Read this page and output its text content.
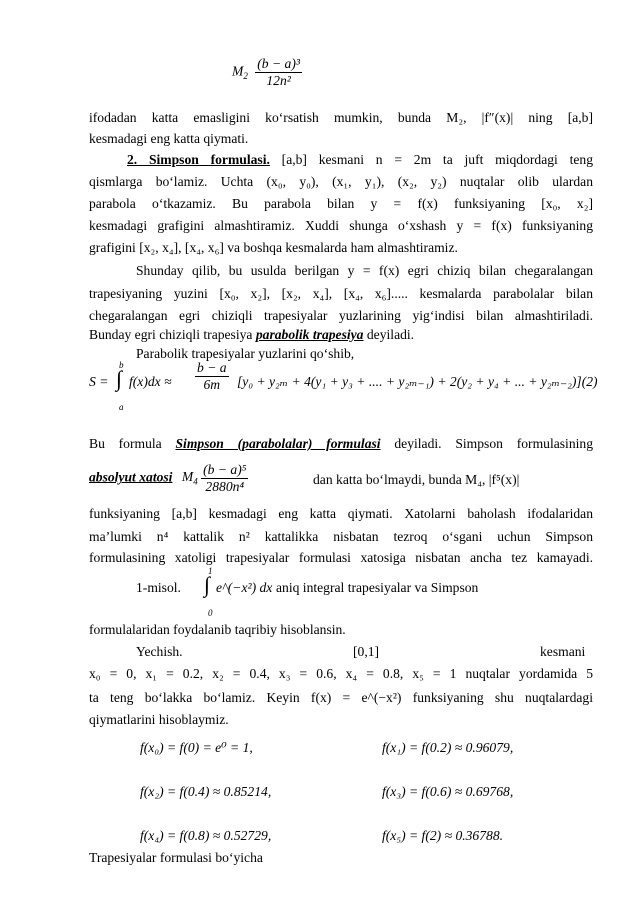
$M_2 \frac{\text{(b − a)³}}{\text{12n²}}$
ifodadan katta emasligini ko‘rsatish mumkin, bunda M₂, |f″(x)| ning [a,b]
kesmadagi eng katta qiymati.
2. Simpson formulasi. [a,b] kesmani n = 2m ta juft miqdordagi teng
qismlarga bo‘lamiz. Uchta (x₀, y₀), (x₁, y₁), (x₂, y₂) nuqtalar olib ulardan
parabola o‘tkazamiz. Bu parabola bilan y = f(x) funksiyaning [x₀, x₂]
kesmadagi grafigini almashtiramiz. Xuddi shunga o‘xshash y = f(x) funksiyaning
grafigini [x₂, x₄], [x₄, x₆] va boshqa kesmalarda ham almashtiramiz.
Shunday qilib, bu usulda berilgan y = f(x) egri chiziq bilan chegaralangan
trapesiyaning yuzini [x₀, x₂], [x₂, x₄], [x₄, x₆]..... kesmalarda parabolalar bilan
chegaralangan egri chiziqli trapesiyalar yuzlarining yig‘indisi bilan almashtiriladi.
Bunday egri chiziqli trapesiya parabolik trapesiya deyiladi.
Parabolik trapesiyalar yuzlarini qo‘shib,
b
a
S = ∫ $f(x)dx \approx \frac{b - a}{6m} [y_0 + y_{2m} + 4(y_1 + y_3$ + .... + y₂ₘ₋₁) + 2(y₂ + y₄ + ... + y₂ₘ₋₂)](2)
Bu formula Simpson (parabolalar) formulasi deyiladi. Simpson formulasining
absolyut xatosi $M_4 \frac{\text{(b − a)⁵}}{\text{2880n⁴}}$	dan katta bo‘lmaydi, bunda M₄, |f⁵(x)|
funksiyaning [a,b] kesmadagi eng katta qiymati. Xatolarni baholash ifodalaridan
ma’lumki n⁴ kattalik n² kattalikka nisbatan tezroq o‘sgani uchun Simpson
formulasining xatoligi trapesiyalar formulasi xatosiga nisbatan ancha tez kamayadi.
1-misol.
1
∫
0
e^(−x²) dx aniq integral trapesiyalar va Simpson
formulalaridan foydalanib taqribiy hisoblansin.
Yechish.	[0,1]	kesmani
x₀ = 0, x₁ = 0.2, x₂ = 0.4, x₃ = 0.6, x₄ = 0.8, x₅ = 1 nuqtalar yordamida 5
ta teng bo‘lakka bo‘lamiz. Keyin f(x) = e^(−x²) funksiyaning shu nuqtalardagi
qiymatlarini hisoblaymiz.
f(x₀) = f(0) = e⁰ = 1,	f(x₁) = f(0.2) ≈ 0.96079,
f(x₂) = f(0.4) ≈ 0.85214,	f(x₃) = f(0.6) ≈ 0.69768,
f(x₄) = f(0.8) ≈ 0.52729,	f(x₅) = f(2) ≈ 0.36788.
Trapesiyalar formulasi bo‘yicha
